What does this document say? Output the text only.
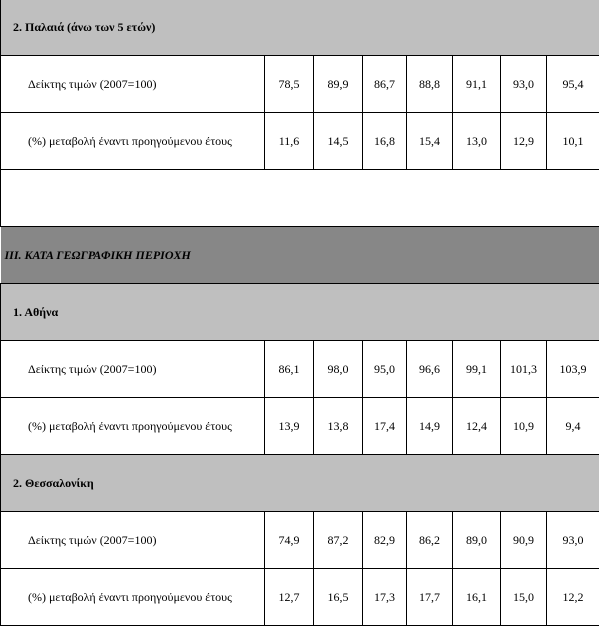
2. Παλαιά (άνω των 5 ετών)							
Δείκτης τιμών (2007=100)	78,5	89,9	86,7	88,8	91,1	93,0	95,4
(%) μεταβολή έναντι προηγούμενου έτους	11,6	14,5	16,8	15,4	13,0	12,9	10,1

III. ΚΑΤΑ ΓΕΩΓΡΑΦΙΚΗ ΠΕΡΙΟΧΗ							
1. Αθήνα							
Δείκτης τιμών (2007=100)	86,1	98,0	95,0	96,6	99,1	101,3	103,9
(%) μεταβολή έναντι προηγούμενου έτους	13,9	13,8	17,4	14,9	12,4	10,9	9,4
2. Θεσσαλονίκη							
Δείκτης τιμών (2007=100)	74,9	87,2	82,9	86,2	89,0	90,9	93,0
(%) μεταβολή έναντι προηγούμενου έτους	12,7	16,5	17,3	17,7	16,1	15,0	12,2
